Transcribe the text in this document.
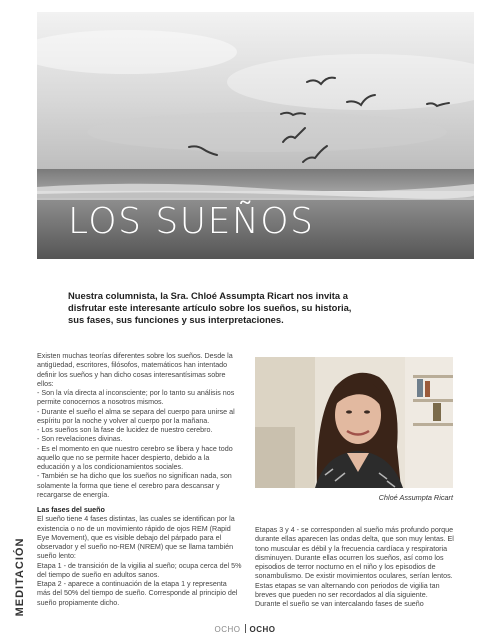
LOS SUEÑOS

Nuestra columnista, la Sra. Chloé Assumpta Ricart nos invita a disfrutar este interesante artículo sobre los sueños, su historia, sus fases, sus funciones y sus interpretaciones.

Existen muchas teorías diferentes sobre los sueños. Desde la antigüedad, escritores, filósofos, matemáticos han intentado definir los sueños y han dicho cosas interesantísimas sobre ellos:

- Son la vía directa al inconsciente; por lo tanto su análisis nos permite conocernos a nosotros mismos.

- Durante el sueño el alma se separa del cuerpo para unirse al espíritu por la noche y volver al cuerpo por la mañana.

- Los sueños son la fase de lucidez de nuestro cerebro.

- Son revelaciones divinas.

- Es el momento en que nuestro cerebro se libera y hace todo aquello que no se permite hacer despierto, debido a la educación y a los condicionamientos sociales.

- También se ha dicho que los sueños no significan nada, son solamente la forma que tiene el cerebro para descansar y recargarse de energía.

Las fases del sueño

El sueño tiene 4 fases distintas, las cuales se identifican por la existencia o no de un movimiento rápido de ojos REM (Rapid Eye Movement), que es visible debajo del párpado para el observador y el sueño no-REM (NREM) que se llama también sueño lento:

Etapa 1 - de transición de la vigilia al sueño; ocupa cerca del 5% del tiempo de sueño en adultos sanos.

Etapa 2 - aparece a continuación de la etapa 1 y representa más del 50% del tiempo de sueño. Corresponde al principio del sueño propiamente dicho.

Chloé Assumpta Ricart

Etapas 3 y 4 - se corresponden al sueño más profundo porque durante ellas aparecen las ondas delta, que son muy lentas. El tono muscular es débil y la frecuencia cardíaca y respiratoria disminuyen. Durante ellas ocurren los sueños, así como los episodios de terror nocturno en el niño y los episodios de sonambulismo. De existir movimientos oculares, serían lentos.

Estas etapas se van alternando con periodos de vigilia tan breves que pueden no ser recordados al día siguiente.

Durante el sueño se van intercalando fases de sueño

MEDITACIÓN
OCHO OCHO
